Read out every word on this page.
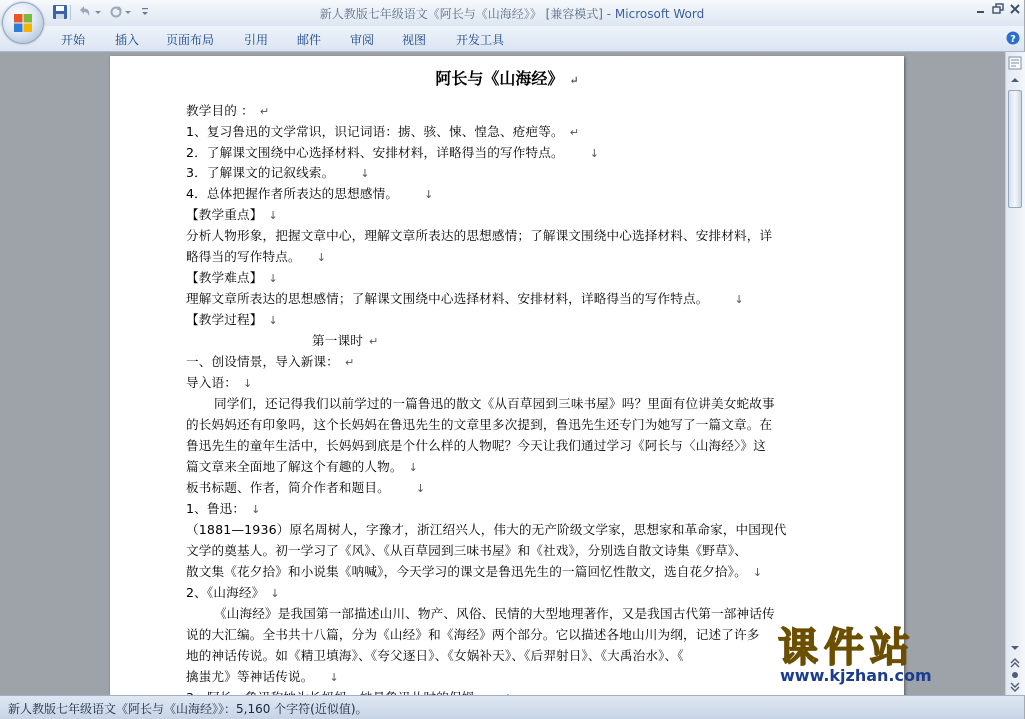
新人教版七年级语文《阿长与《山海经》》 [兼容模式] - Microsoft Word
开始 插入 页面布局 引用 邮件 审阅 视图 开发工具	?
阿长与《山海经》 ↵
教学目的 ： ↵
1、复习鲁迅的文学常识，识记词语：掳、骇、悚、惶急、疮疤等。 ↵
2．了解课文围绕中心选择材料、安排材料，详略得当的写作特点。 ↓
3．了解课文的记叙线索。 ↓
4．总体把握作者所表达的思想感情。 ↓
【教学重点】 ↓
分析人物形象，把握文章中心，理解文章所表达的思想感情；了解课文围绕中心选择材料、安排材料，详
略得当的写作特点。 ↓
【教学难点】 ↓
理解文章所表达的思想感情；了解课文围绕中心选择材料、安排材料，详略得当的写作特点。 ↓
【教学过程】 ↓
第一课时 ↵
一、创设情景，导入新课： ↵
导入语： ↓
同学们，还记得我们以前学过的一篇鲁迅的散文《从百草园到三味书屋》吗？里面有位讲美女蛇故事
的长妈妈还有印象吗，这个长妈妈在鲁迅先生的文章里多次提到，鲁迅先生还专门为她写了一篇文章。在
鲁迅先生的童年生活中，长妈妈到底是个什么样的人物呢？今天让我们通过学习《阿长与〈山海经〉》这
篇文章来全面地了解这个有趣的人物。 ↓
板书标题、作者，简介作者和题目。 ↓
1、鲁迅： ↓
（1881—1936）原名周树人，字豫才，浙江绍兴人，伟大的无产阶级文学家，思想家和革命家，中国现代
文学的奠基人。初一学习了《风》、《从百草园到三味书屋》和《社戏》，分别选自散文诗集《野草》、
散文集《花夕拾》和小说集《呐喊》，今天学习的课文是鲁迅先生的一篇回忆性散文，选自花夕拾》。 ↓
2、《山海经》 ↓
《山海经》是我国第一部描述山川、物产、风俗、民情的大型地理著作，又是我国古代第一部神话传
说的大汇编。全书共十八篇，分为《山经》和《海经》两个部分。它以描述各地山川为纲，记述了许多
地的神话传说。如《精卫填海》、《夸父逐日》、《女娲补天》、《后羿射日》、《大禹治水》、《
擒蚩尤》等神话传说。 ↓
课件站
www.kjzhan.com
新人教版七年级语文《阿长与《山海经》》：5,160 个字符(近似值)。
